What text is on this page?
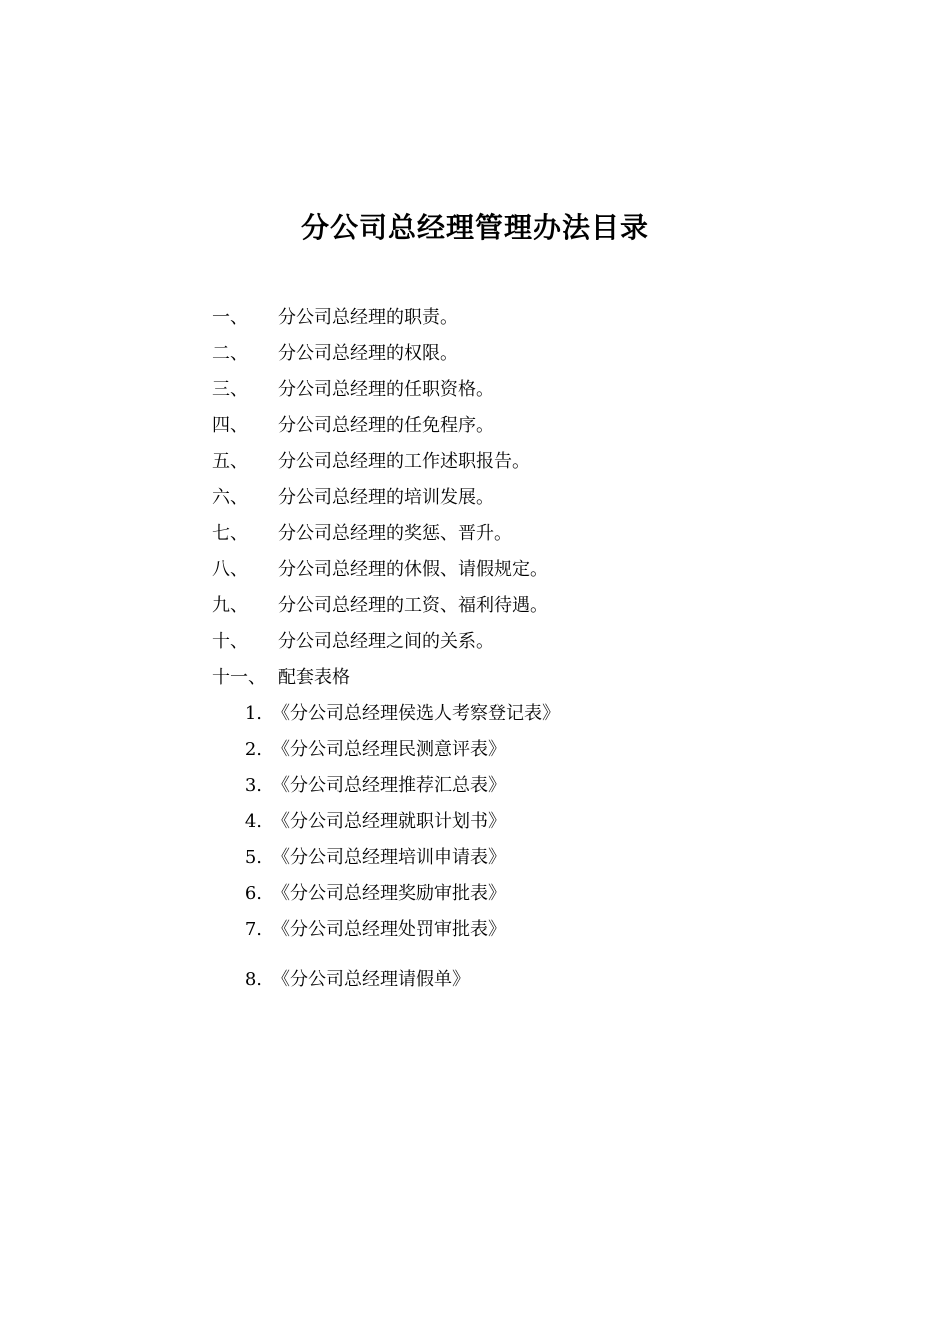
分公司总经理管理办法目录
一、 分公司总经理的职责。
二、 分公司总经理的权限。
三、 分公司总经理的任职资格。
四、 分公司总经理的任免程序。
五、 分公司总经理的工作述职报告。
六、 分公司总经理的培训发展。
七、 分公司总经理的奖惩、晋升。
八、 分公司总经理的休假、请假规定。
九、 分公司总经理的工资、福利待遇。
十、 分公司总经理之间的关系。
十一、 配套表格
1. 《分公司总经理侯选人考察登记表》
2. 《分公司总经理民测意评表》
3. 《分公司总经理推荐汇总表》
4. 《分公司总经理就职计划书》
5. 《分公司总经理培训申请表》
6. 《分公司总经理奖励审批表》
7. 《分公司总经理处罚审批表》
8. 《分公司总经理请假单》
